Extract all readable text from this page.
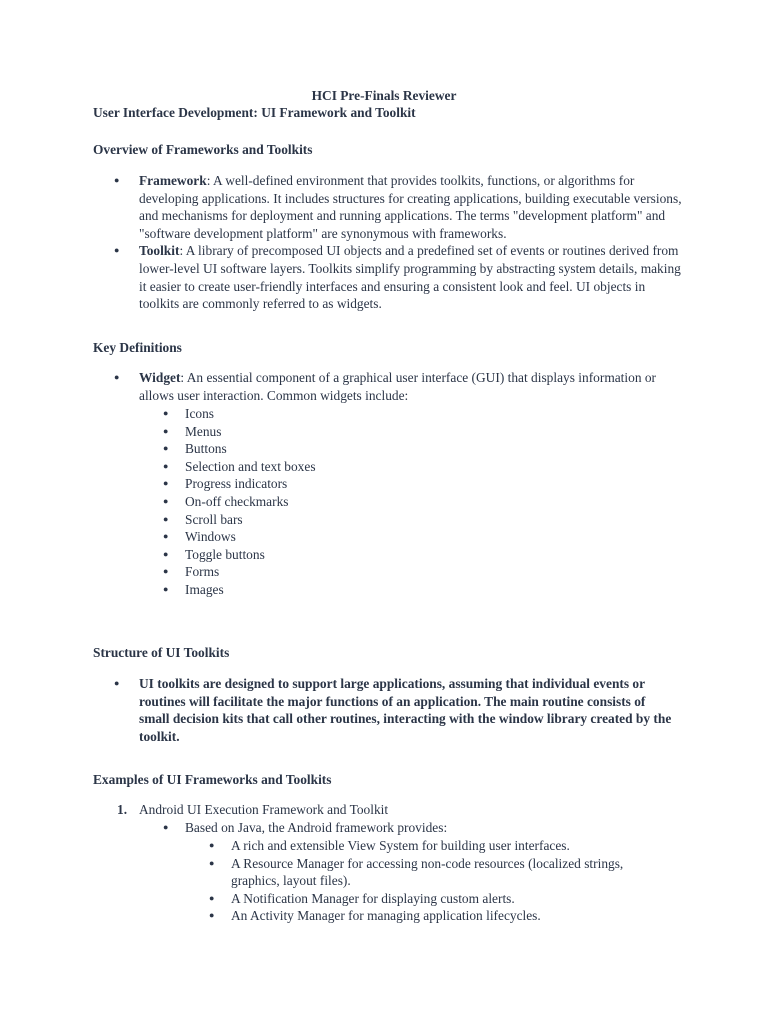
HCI Pre-Finals Reviewer
User Interface Development: UI Framework and Toolkit
Overview of Frameworks and Toolkits
● Framework: A well-defined environment that provides toolkits, functions, or algorithms for developing applications. It includes structures for creating applications, building executable versions, and mechanisms for deployment and running applications. The terms "development platform" and "software development platform" are synonymous with frameworks.
● Toolkit: A library of precomposed UI objects and a predefined set of events or routines derived from lower-level UI software layers. Toolkits simplify programming by abstracting system details, making it easier to create user-friendly interfaces and ensuring a consistent look and feel. UI objects in toolkits are commonly referred to as widgets.
Key Definitions
● Widget: An essential component of a graphical user interface (GUI) that displays information or allows user interaction. Common widgets include:
● Icons
● Menus
● Buttons
● Selection and text boxes
● Progress indicators
● On-off checkmarks
● Scroll bars
● Windows
● Toggle buttons
● Forms
● Images
Structure of UI Toolkits
● UI toolkits are designed to support large applications, assuming that individual events or routines will facilitate the major functions of an application. The main routine consists of small decision kits that call other routines, interacting with the window library created by the toolkit.
Examples of UI Frameworks and Toolkits
1. Android UI Execution Framework and Toolkit
● Based on Java, the Android framework provides:
● A rich and extensible View System for building user interfaces.
● A Resource Manager for accessing non-code resources (localized strings, graphics, layout files).
● A Notification Manager for displaying custom alerts.
● An Activity Manager for managing application lifecycles.
